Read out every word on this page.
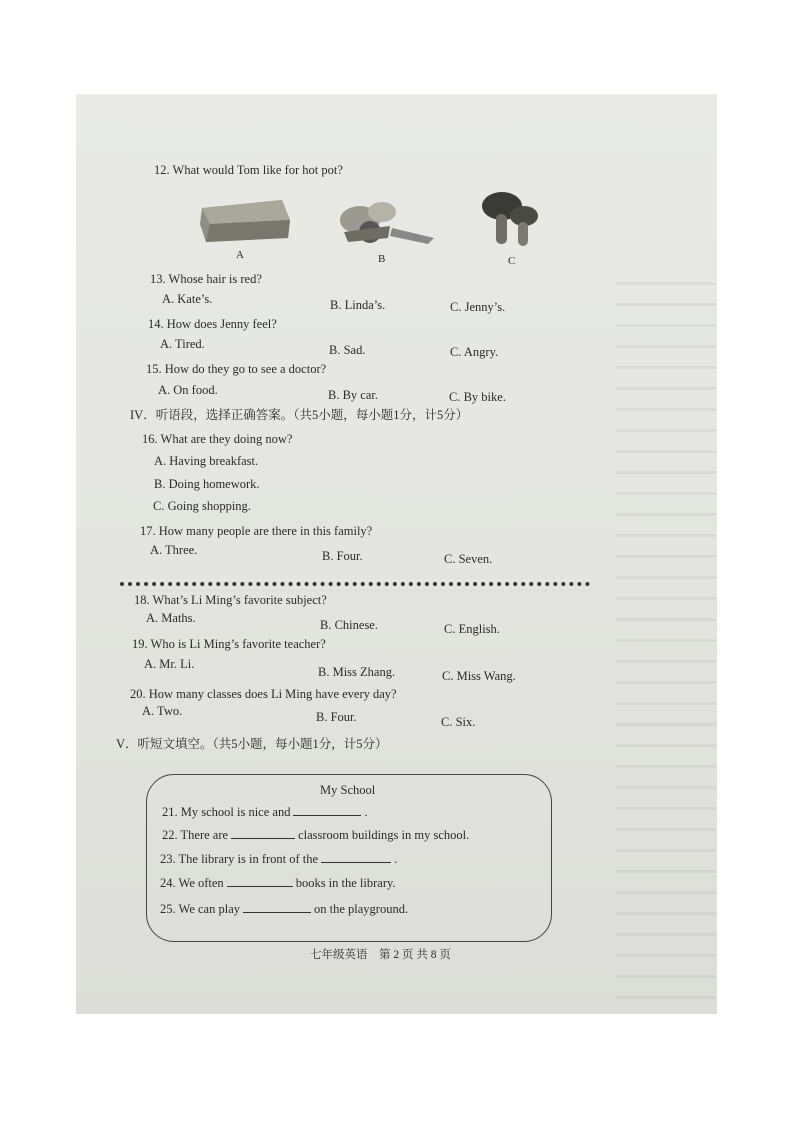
12. What would Tom like for hot pot?
A	B	C
13. Whose hair is red?
A. Kate’s.	B. Linda’s.	C. Jenny’s.
14. How does Jenny feel?
A. Tired.	B. Sad.	C. Angry.
15. How do they go to see a doctor?
A. On food.	B. By car.	C. By bike.
IV．听语段，选择正确答案。（共5小题，每小题1分，计5分）
16. What are they doing now?
A. Having breakfast.
B. Doing homework.
C. Going shopping.
17. How many people are there in this family?
A. Three.	B. Four.	C. Seven.
18. What’s Li Ming’s favorite subject?
A. Maths.	B. Chinese.	C. English.
19. Who is Li Ming’s favorite teacher?
A. Mr. Li.
B. Miss Zhang.	C. Miss Wang.
20. How many classes does Li Ming have every day?
A. Two.	B. Four.	C. Six.
V．听短文填空。（共5小题，每小题1分，计5分）
My School
21. My school is nice and	.
22. There are	classroom buildings in my school.
23. The library is in front of the	.
24. We often	books in the library.
25. We can play	on the playground.
七年级英语　第 2 页 共 8 页
